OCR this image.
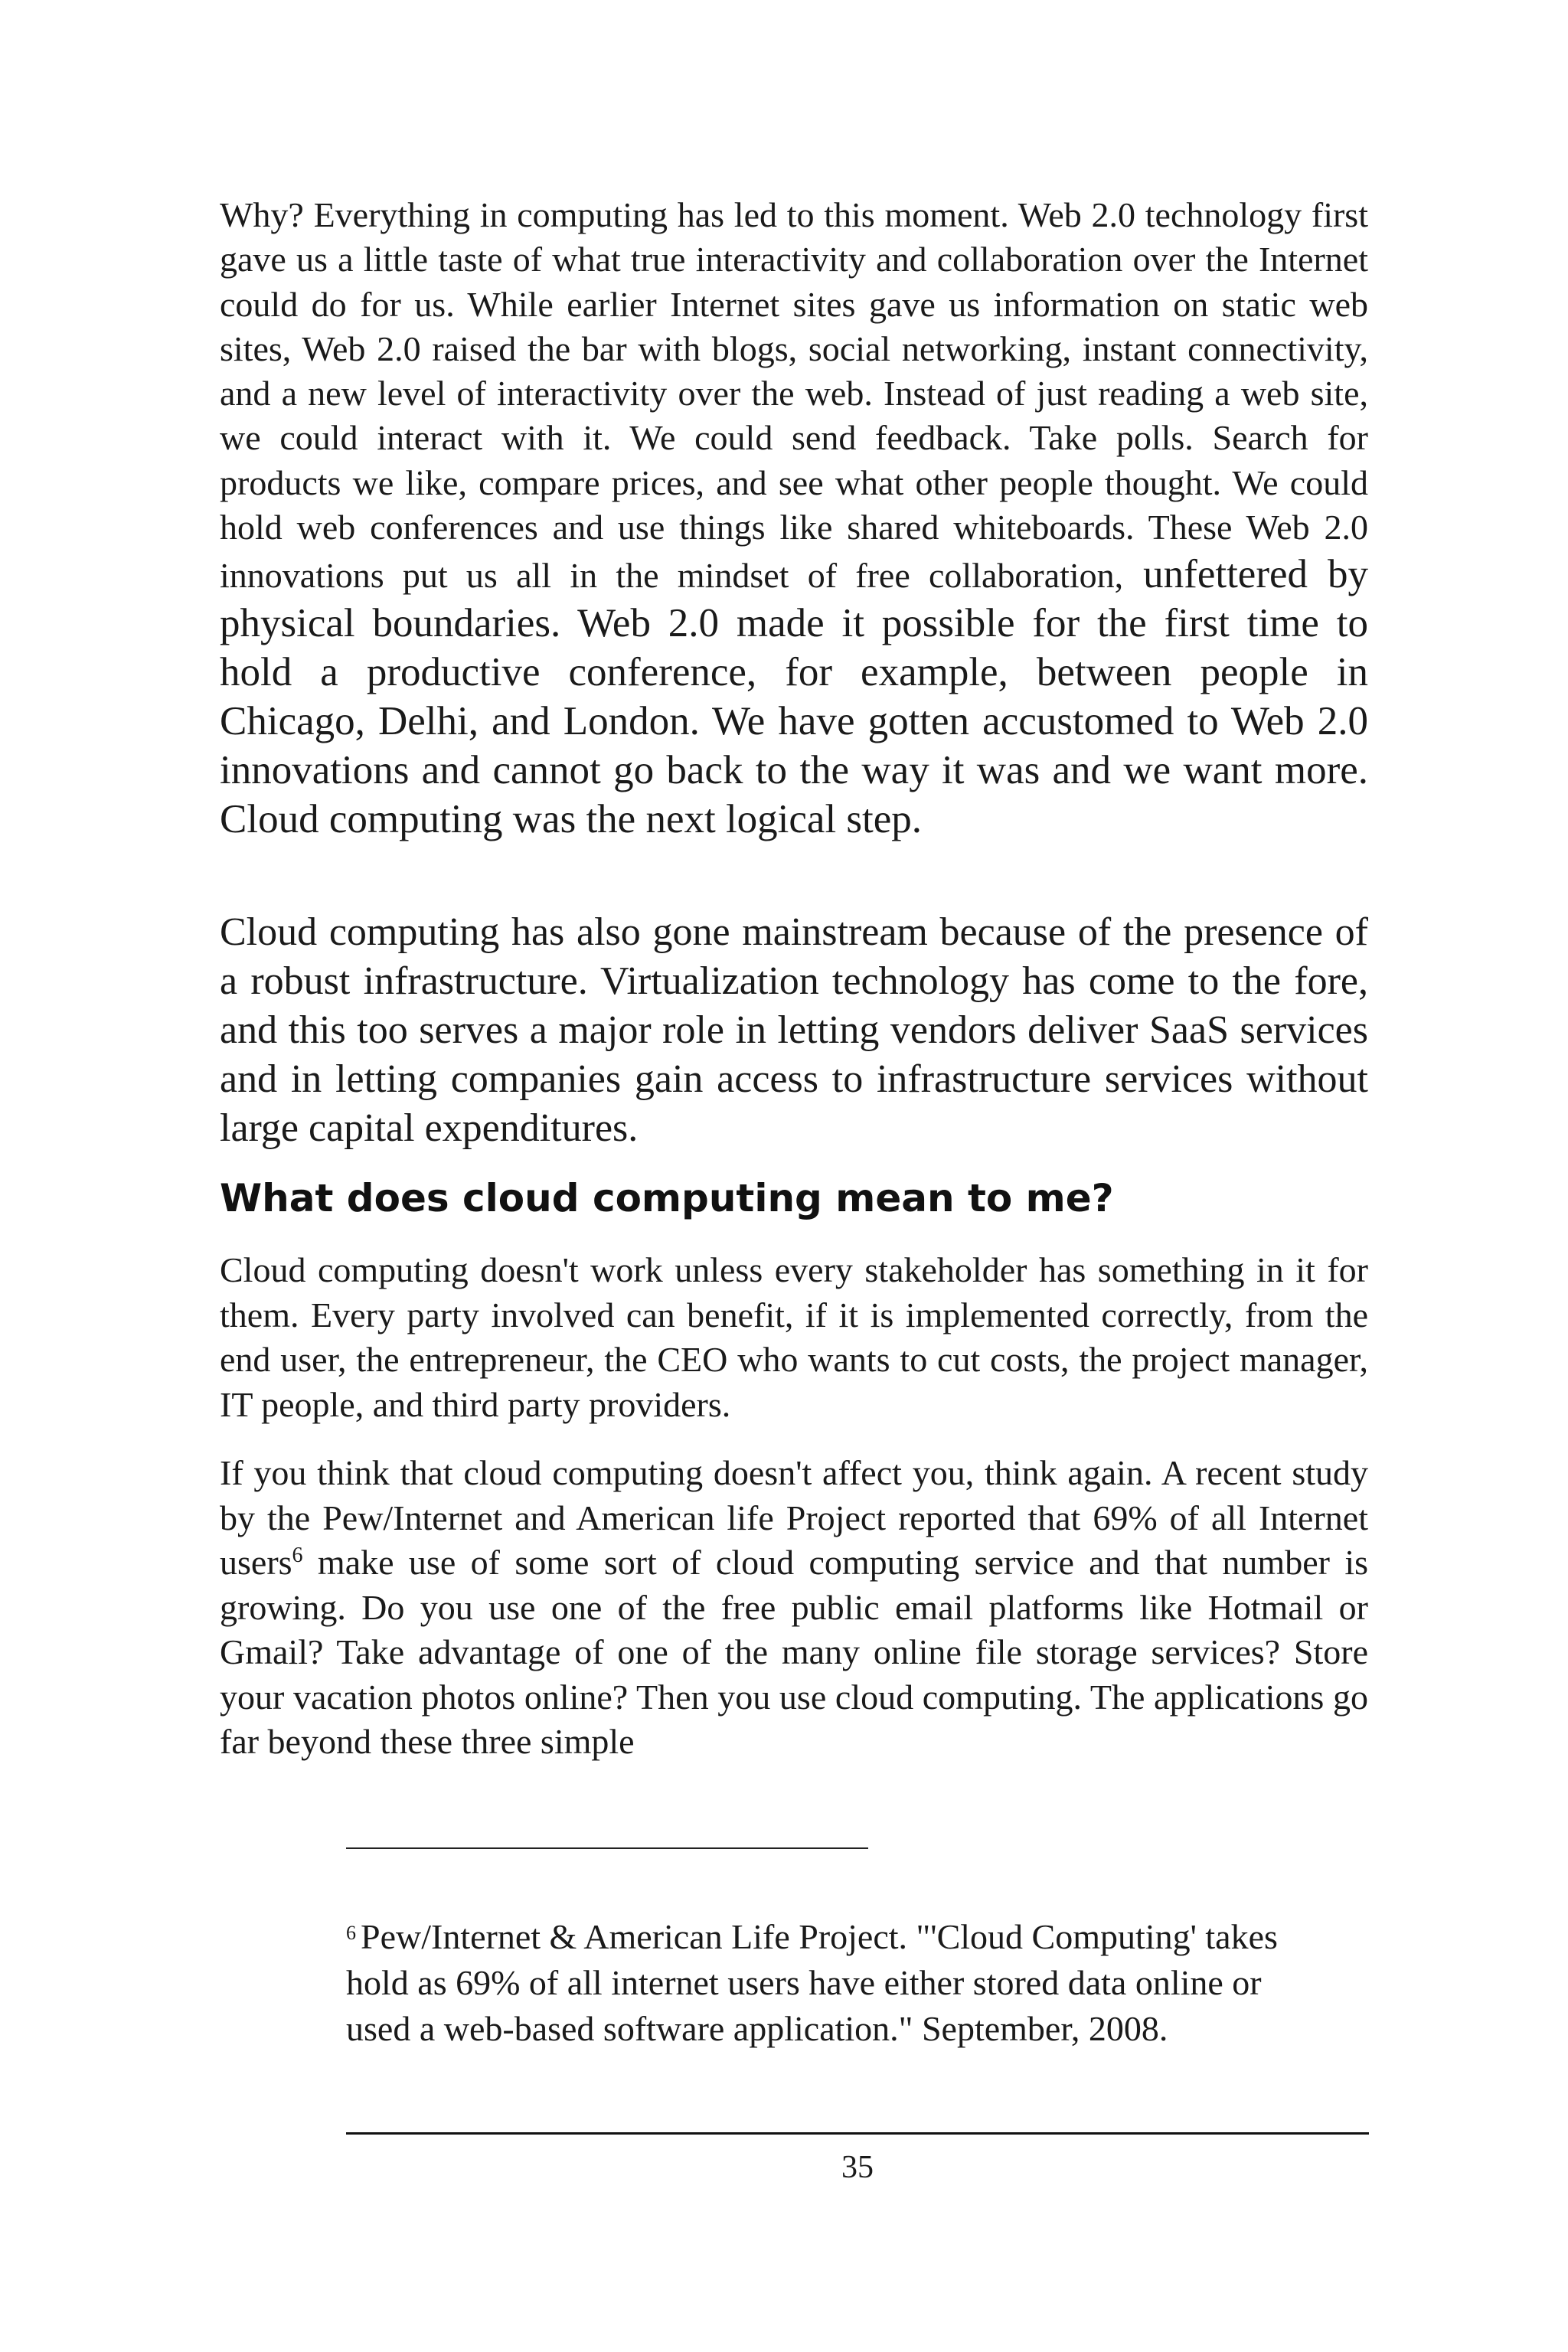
Why? Everything in computing has led to this moment. Web 2.0 technology first gave us a little taste of what true interactivity and collaboration over the Internet could do for us. While earlier Internet sites gave us information on static web sites, Web 2.0 raised the bar with blogs, social networking, instant connectivity, and a new level of interactivity over the web. Instead of just reading a web site, we could interact with it. We could send feedback. Take polls. Search for products we like, compare prices, and see what other people thought. We could hold web conferences and use things like shared whiteboards. These Web 2.0 innovations put us all in the mindset of free collaboration, unfettered by physical boundaries. Web 2.0 made it possible for the first time to hold a productive conference, for example, between people in Chicago, Delhi, and London. We have gotten accustomed to Web 2.0 innovations and cannot go back to the way it was and we want more. Cloud computing was the next logical step.

Cloud computing has also gone mainstream because of the presence of a robust infrastructure. Virtualization technology has come to the fore, and this too serves a major role in letting vendors deliver SaaS services and in letting companies gain access to infrastructure services without large capital expenditures.

What does cloud computing mean to me?

Cloud computing doesn't work unless every stakeholder has something in it for them. Every party involved can benefit, if it is implemented correctly, from the end user, the entrepreneur, the CEO who wants to cut costs, the project manager, IT people, and third party providers.

If you think that cloud computing doesn't affect you, think again. A recent study by the Pew/Internet and American life Project reported that 69% of all Internet users$^6$ make use of some sort of cloud computing service and that number is growing. Do you use one of the free public email platforms like Hotmail or Gmail? Take advantage of one of the many online file storage services? Store your vacation photos online? Then you use cloud computing. The applications go far beyond these three simple

$^6$ Pew/Internet & American Life Project. "'Cloud Computing' takes hold as 69% of all internet users have either stored data online or used a web-based software application." September, 2008.

35
